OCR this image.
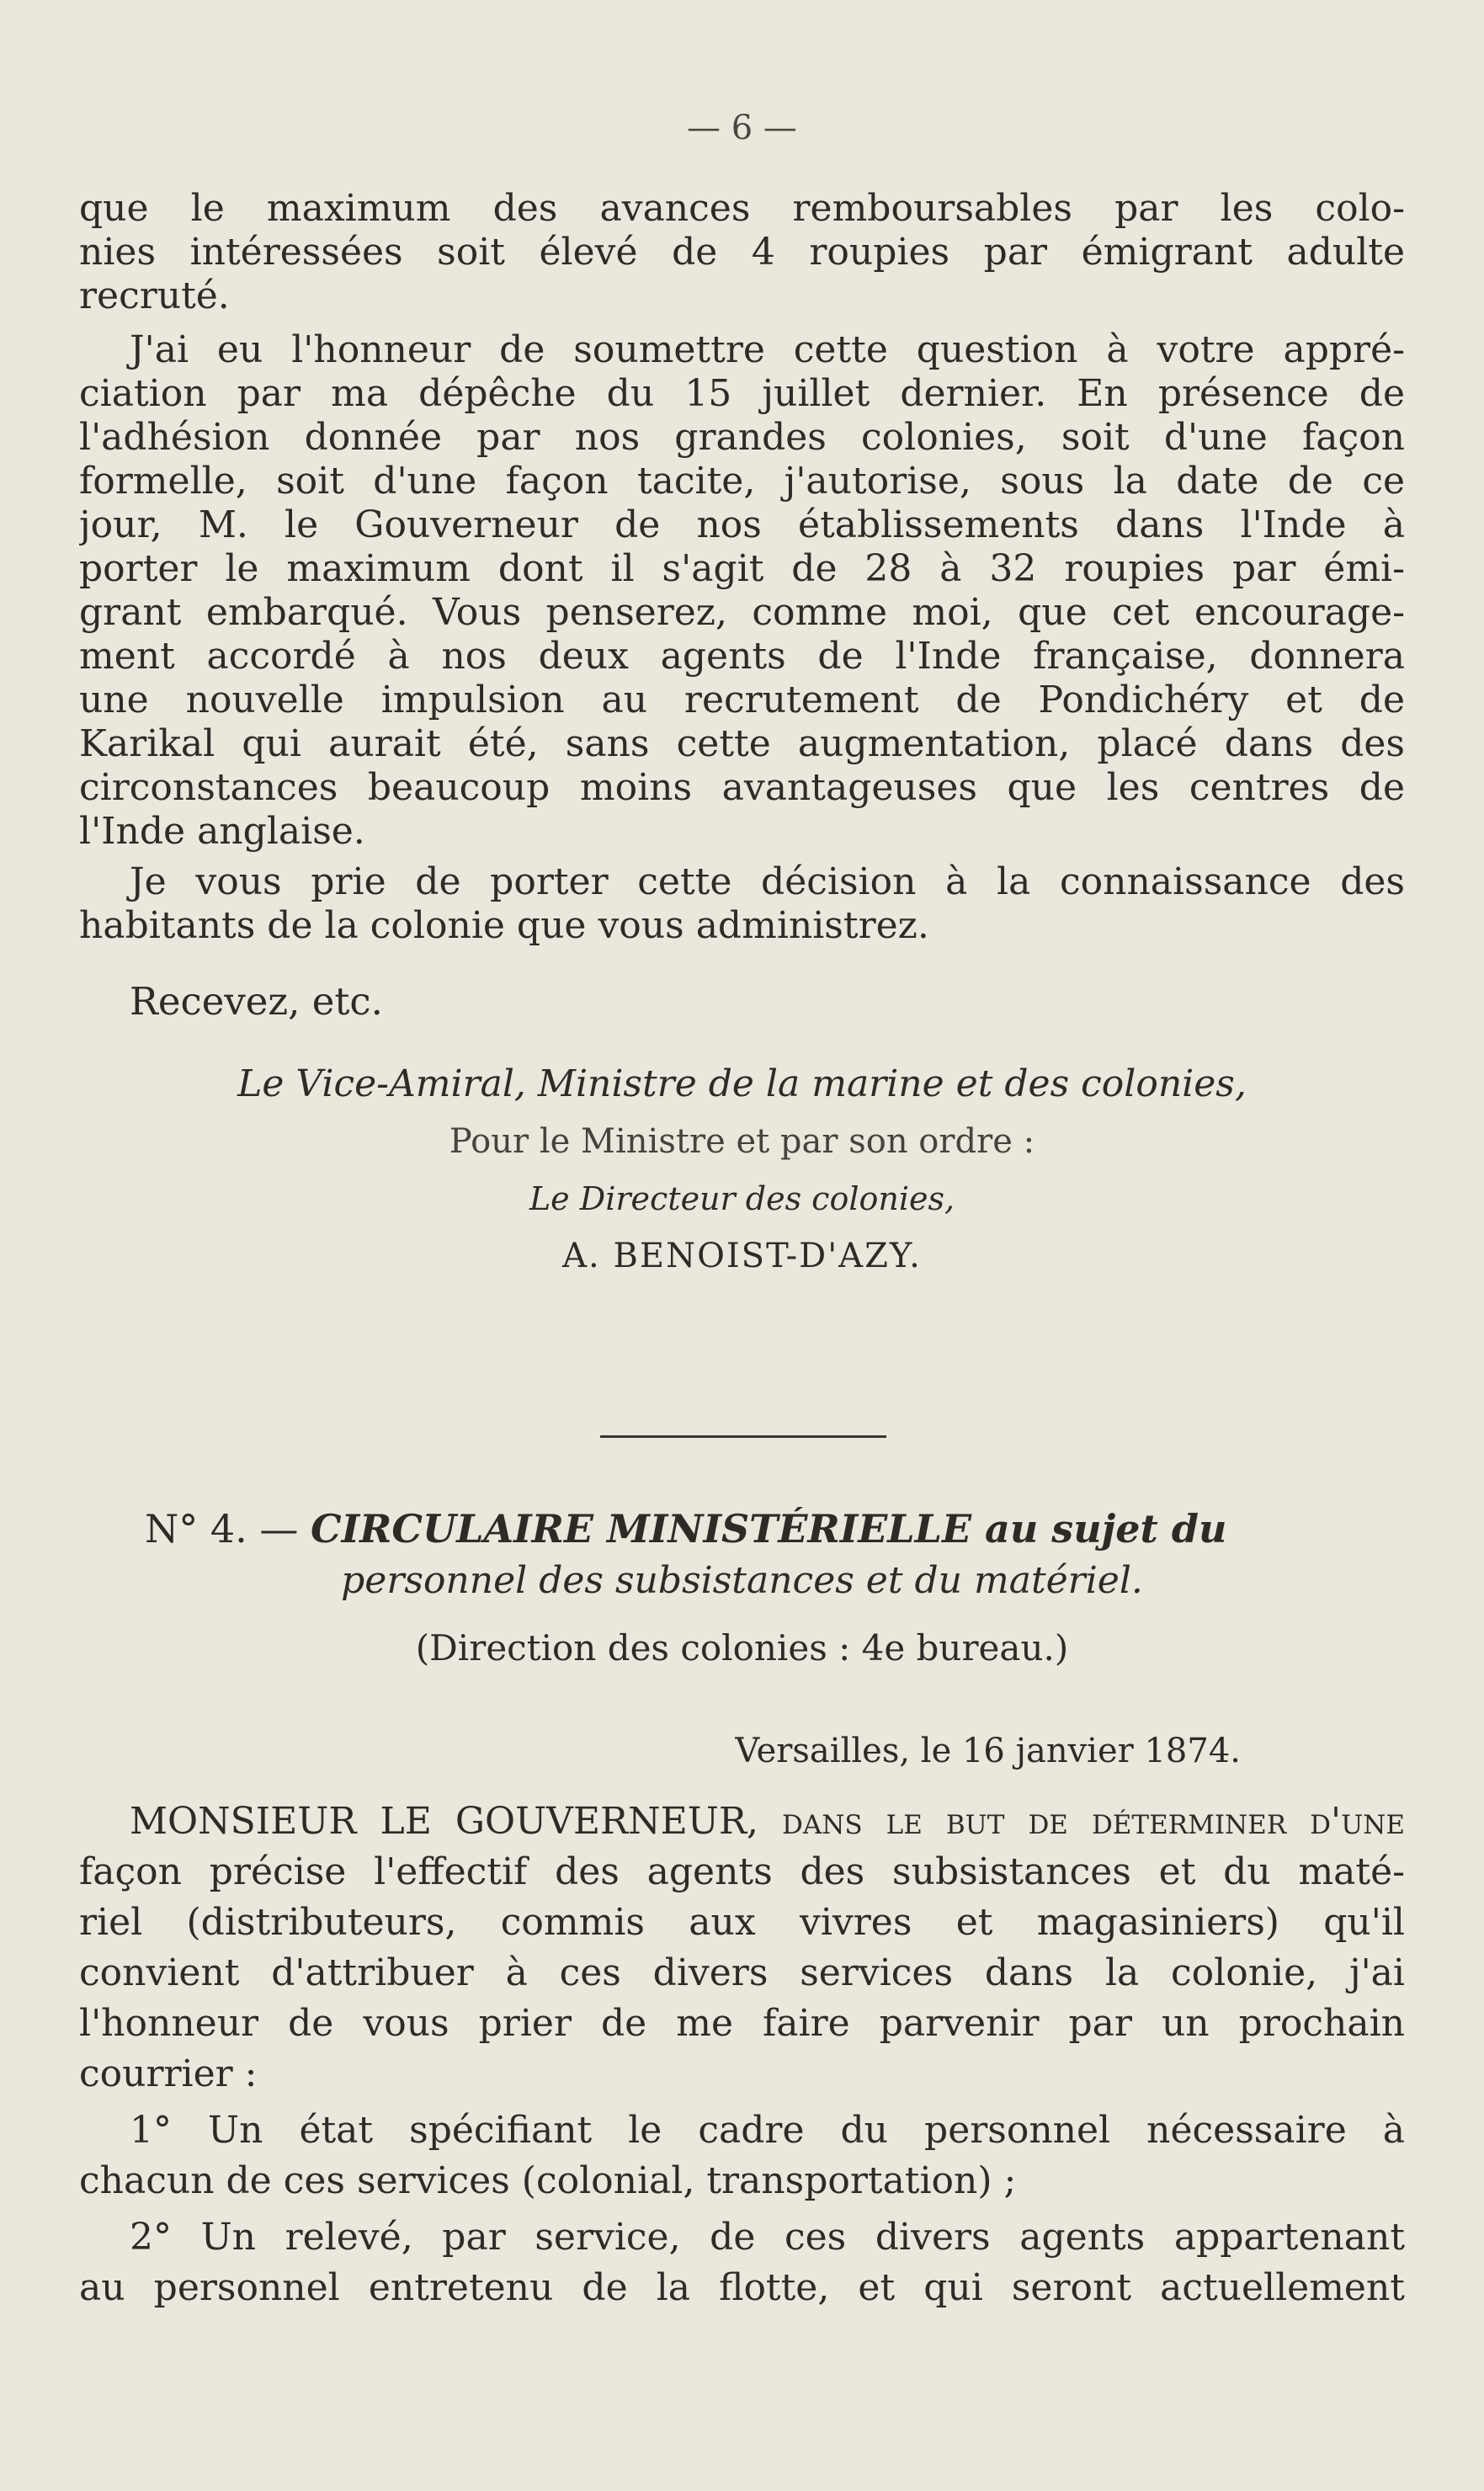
— 6 —
que le maximum des avances remboursables par les colo-
nies intéressées soit élevé de 4 roupies par émigrant adulte
recruté.
J'ai eu l'honneur de soumettre cette question à votre appré-
ciation par ma dépêche du 15 juillet dernier. En présence de
l'adhésion donnée par nos grandes colonies, soit d'une façon
formelle, soit d'une façon tacite, j'autorise, sous la date de ce
jour, M. le Gouverneur de nos établissements dans l'Inde à
porter le maximum dont il s'agit de 28 à 32 roupies par émi-
grant embarqué. Vous penserez, comme moi, que cet encourage-
ment accordé à nos deux agents de l'Inde française, donnera
une nouvelle impulsion au recrutement de Pondichéry et de
Karikal qui aurait été, sans cette augmentation, placé dans des
circonstances beaucoup moins avantageuses que les centres de
l'Inde anglaise.
Je vous prie de porter cette décision à la connaissance des
habitants de la colonie que vous administrez.
Recevez, etc.
Le Vice-Amiral, Ministre de la marine et des colonies,
Pour le Ministre et par son ordre :
Le Directeur des colonies,
A. BENOIST-D'AZY.
N° 4. — CIRCULAIRE MINISTÉRIELLE au sujet du
personnel des subsistances et du matériel.
(Direction des colonies : 4e bureau.)
Versailles, le 16 janvier 1874.
MONSIEUR LE GOUVERNEUR, dans le but de déterminer d'une
façon précise l'effectif des agents des subsistances et du maté-
riel (distributeurs, commis aux vivres et magasiniers) qu'il
convient d'attribuer à ces divers services dans la colonie, j'ai
l'honneur de vous prier de me faire parvenir par un prochain
courrier :
1° Un état spécifiant le cadre du personnel nécessaire à
chacun de ces services (colonial, transportation) ;
2° Un relevé, par service, de ces divers agents appartenant
au personnel entretenu de la flotte, et qui seront actuellement
